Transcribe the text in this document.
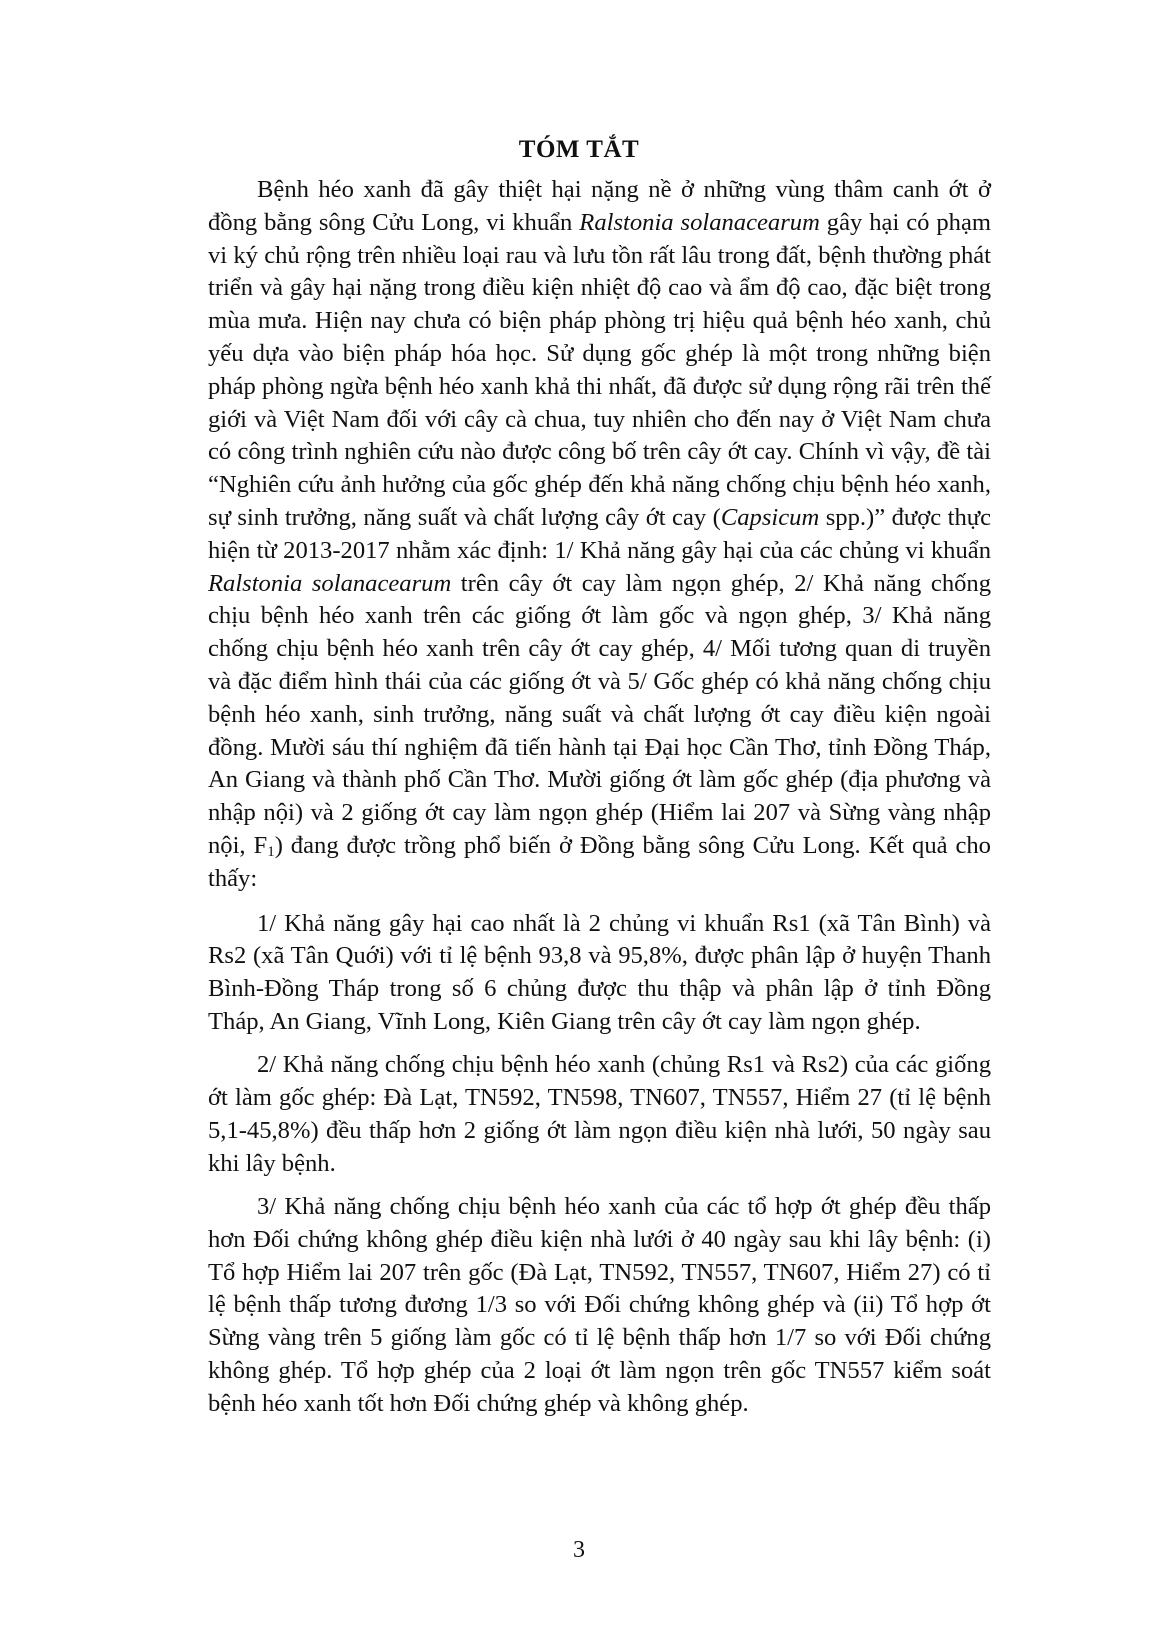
TÓM TẮT

Bệnh héo xanh đã gây thiệt hại nặng nề ở những vùng thâm canh ớt ở đồng bằng sông Cửu Long, vi khuẩn Ralstonia solanacearum gây hại có phạm vi ký chủ rộng trên nhiều loại rau và lưu tồn rất lâu trong đất, bệnh thường phát triển và gây hại nặng trong điều kiện nhiệt độ cao và ẩm độ cao, đặc biệt trong mùa mưa. Hiện nay chưa có biện pháp phòng trị hiệu quả bệnh héo xanh, chủ yếu dựa vào biện pháp hóa học. Sử dụng gốc ghép là một trong những biện pháp phòng ngừa bệnh héo xanh khả thi nhất, đã được sử dụng rộng rãi trên thế giới và Việt Nam đối với cây cà chua, tuy nhiên cho đến nay ở Việt Nam chưa có công trình nghiên cứu nào được công bố trên cây ớt cay. Chính vì vậy, đề tài “Nghiên cứu ảnh hưởng của gốc ghép đến khả năng chống chịu bệnh héo xanh, sự sinh trưởng, năng suất và chất lượng cây ớt cay (Capsicum spp.)” được thực hiện từ 2013-2017 nhằm xác định: 1/ Khả năng gây hại của các chủng vi khuẩn Ralstonia solanacearum trên cây ớt cay làm ngọn ghép, 2/ Khả năng chống chịu bệnh héo xanh trên các giống ớt làm gốc và ngọn ghép, 3/ Khả năng chống chịu bệnh héo xanh trên cây ớt cay ghép, 4/ Mối tương quan di truyền và đặc điểm hình thái của các giống ớt và 5/ Gốc ghép có khả năng chống chịu bệnh héo xanh, sinh trưởng, năng suất và chất lượng ớt cay điều kiện ngoài đồng. Mười sáu thí nghiệm đã tiến hành tại Đại học Cần Thơ, tỉnh Đồng Tháp, An Giang và thành phố Cần Thơ. Mười giống ớt làm gốc ghép (địa phương và nhập nội) và 2 giống ớt cay làm ngọn ghép (Hiểm lai 207 và Sừng vàng nhập nội, $F_1$) đang được trồng phổ biến ở Đồng bằng sông Cửu Long. Kết quả cho thấy:

1/ Khả năng gây hại cao nhất là 2 chủng vi khuẩn Rs1 (xã Tân Bình) và Rs2 (xã Tân Quới) với tỉ lệ bệnh 93,8 và 95,8%, được phân lập ở huyện Thanh Bình-Đồng Tháp trong số 6 chủng được thu thập và phân lập ở tỉnh Đồng Tháp, An Giang, Vĩnh Long, Kiên Giang trên cây ớt cay làm ngọn ghép.

2/ Khả năng chống chịu bệnh héo xanh (chủng Rs1 và Rs2) của các giống ớt làm gốc ghép: Đà Lạt, TN592, TN598, TN607, TN557, Hiểm 27 (tỉ lệ bệnh 5,1-45,8%) đều thấp hơn 2 giống ớt làm ngọn điều kiện nhà lưới, 50 ngày sau khi lây bệnh.

3/ Khả năng chống chịu bệnh héo xanh của các tổ hợp ớt ghép đều thấp hơn Đối chứng không ghép điều kiện nhà lưới ở 40 ngày sau khi lây bệnh: (i) Tổ hợp Hiểm lai 207 trên gốc (Đà Lạt, TN592, TN557, TN607, Hiểm 27) có tỉ lệ bệnh thấp tương đương 1/3 so với Đối chứng không ghép và (ii) Tổ hợp ớt Sừng vàng trên 5 giống làm gốc có tỉ lệ bệnh thấp hơn 1/7 so với Đối chứng không ghép. Tổ hợp ghép của 2 loại ớt làm ngọn trên gốc TN557 kiểm soát bệnh héo xanh tốt hơn Đối chứng ghép và không ghép.

3
